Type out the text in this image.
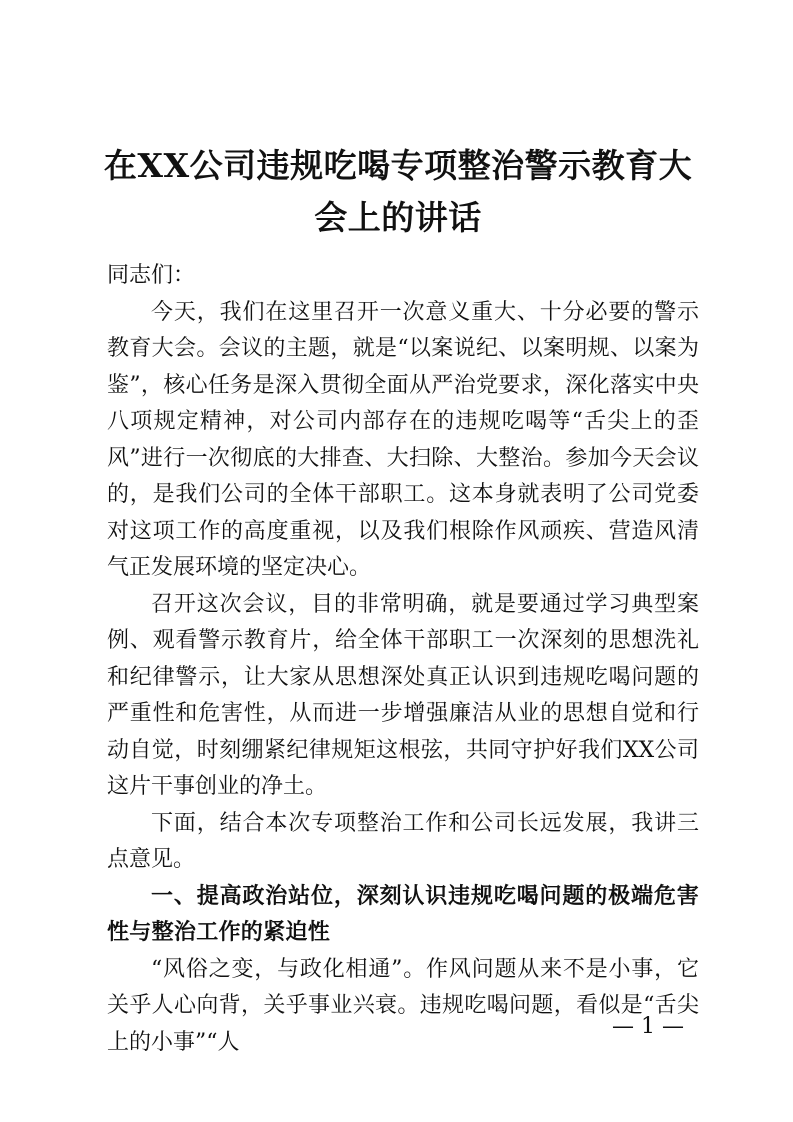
在XX公司违规吃喝专项整治警示教育大会上的讲话

同志们：

今天，我们在这里召开一次意义重大、十分必要的警示教育大会。会议的主题，就是“以案说纪、以案明规、以案为鉴”，核心任务是深入贯彻全面从严治党要求，深化落实中央八项规定精神，对公司内部存在的违规吃喝等“舌尖上的歪风”进行一次彻底的大排查、大扫除、大整治。参加今天会议的，是我们公司的全体干部职工。这本身就表明了公司党委对这项工作的高度重视，以及我们根除作风顽疾、营造风清气正发展环境的坚定决心。

召开这次会议，目的非常明确，就是要通过学习典型案例、观看警示教育片，给全体干部职工一次深刻的思想洗礼和纪律警示，让大家从思想深处真正认识到违规吃喝问题的严重性和危害性，从而进一步增强廉洁从业的思想自觉和行动自觉，时刻绷紧纪律规矩这根弦，共同守护好我们XX公司这片干事创业的净土。

下面，结合本次专项整治工作和公司长远发展，我讲三点意见。

一、提高政治站位，深刻认识违规吃喝问题的极端危害性与整治工作的紧迫性

“风俗之变，与政化相通”。作风问题从来不是小事，它关乎人心向背，关乎事业兴衰。违规吃喝问题，看似是“舌尖上的小事”“人

— 1 —
